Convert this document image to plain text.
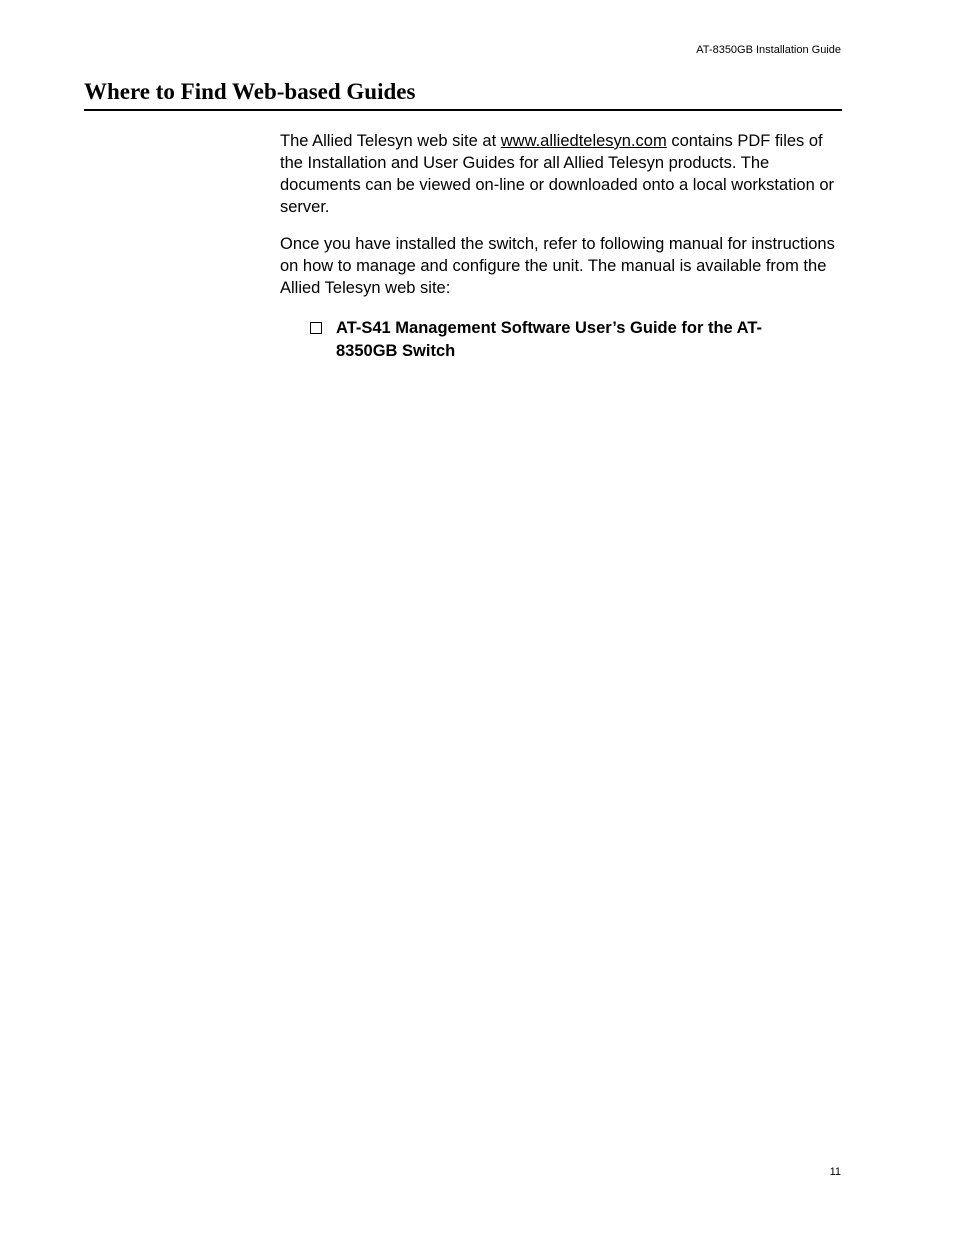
AT-8350GB Installation Guide
Where to Find Web-based Guides

The Allied Telesyn web site at www.alliedtelesyn.com contains PDF files of the Installation and User Guides for all Allied Telesyn products. The documents can be viewed on-line or downloaded onto a local workstation or server.

Once you have installed the switch, refer to following manual for instructions on how to manage and configure the unit. The manual is available from the Allied Telesyn web site:

AT-S41 Management Software User’s Guide for the AT-8350GB Switch
11
